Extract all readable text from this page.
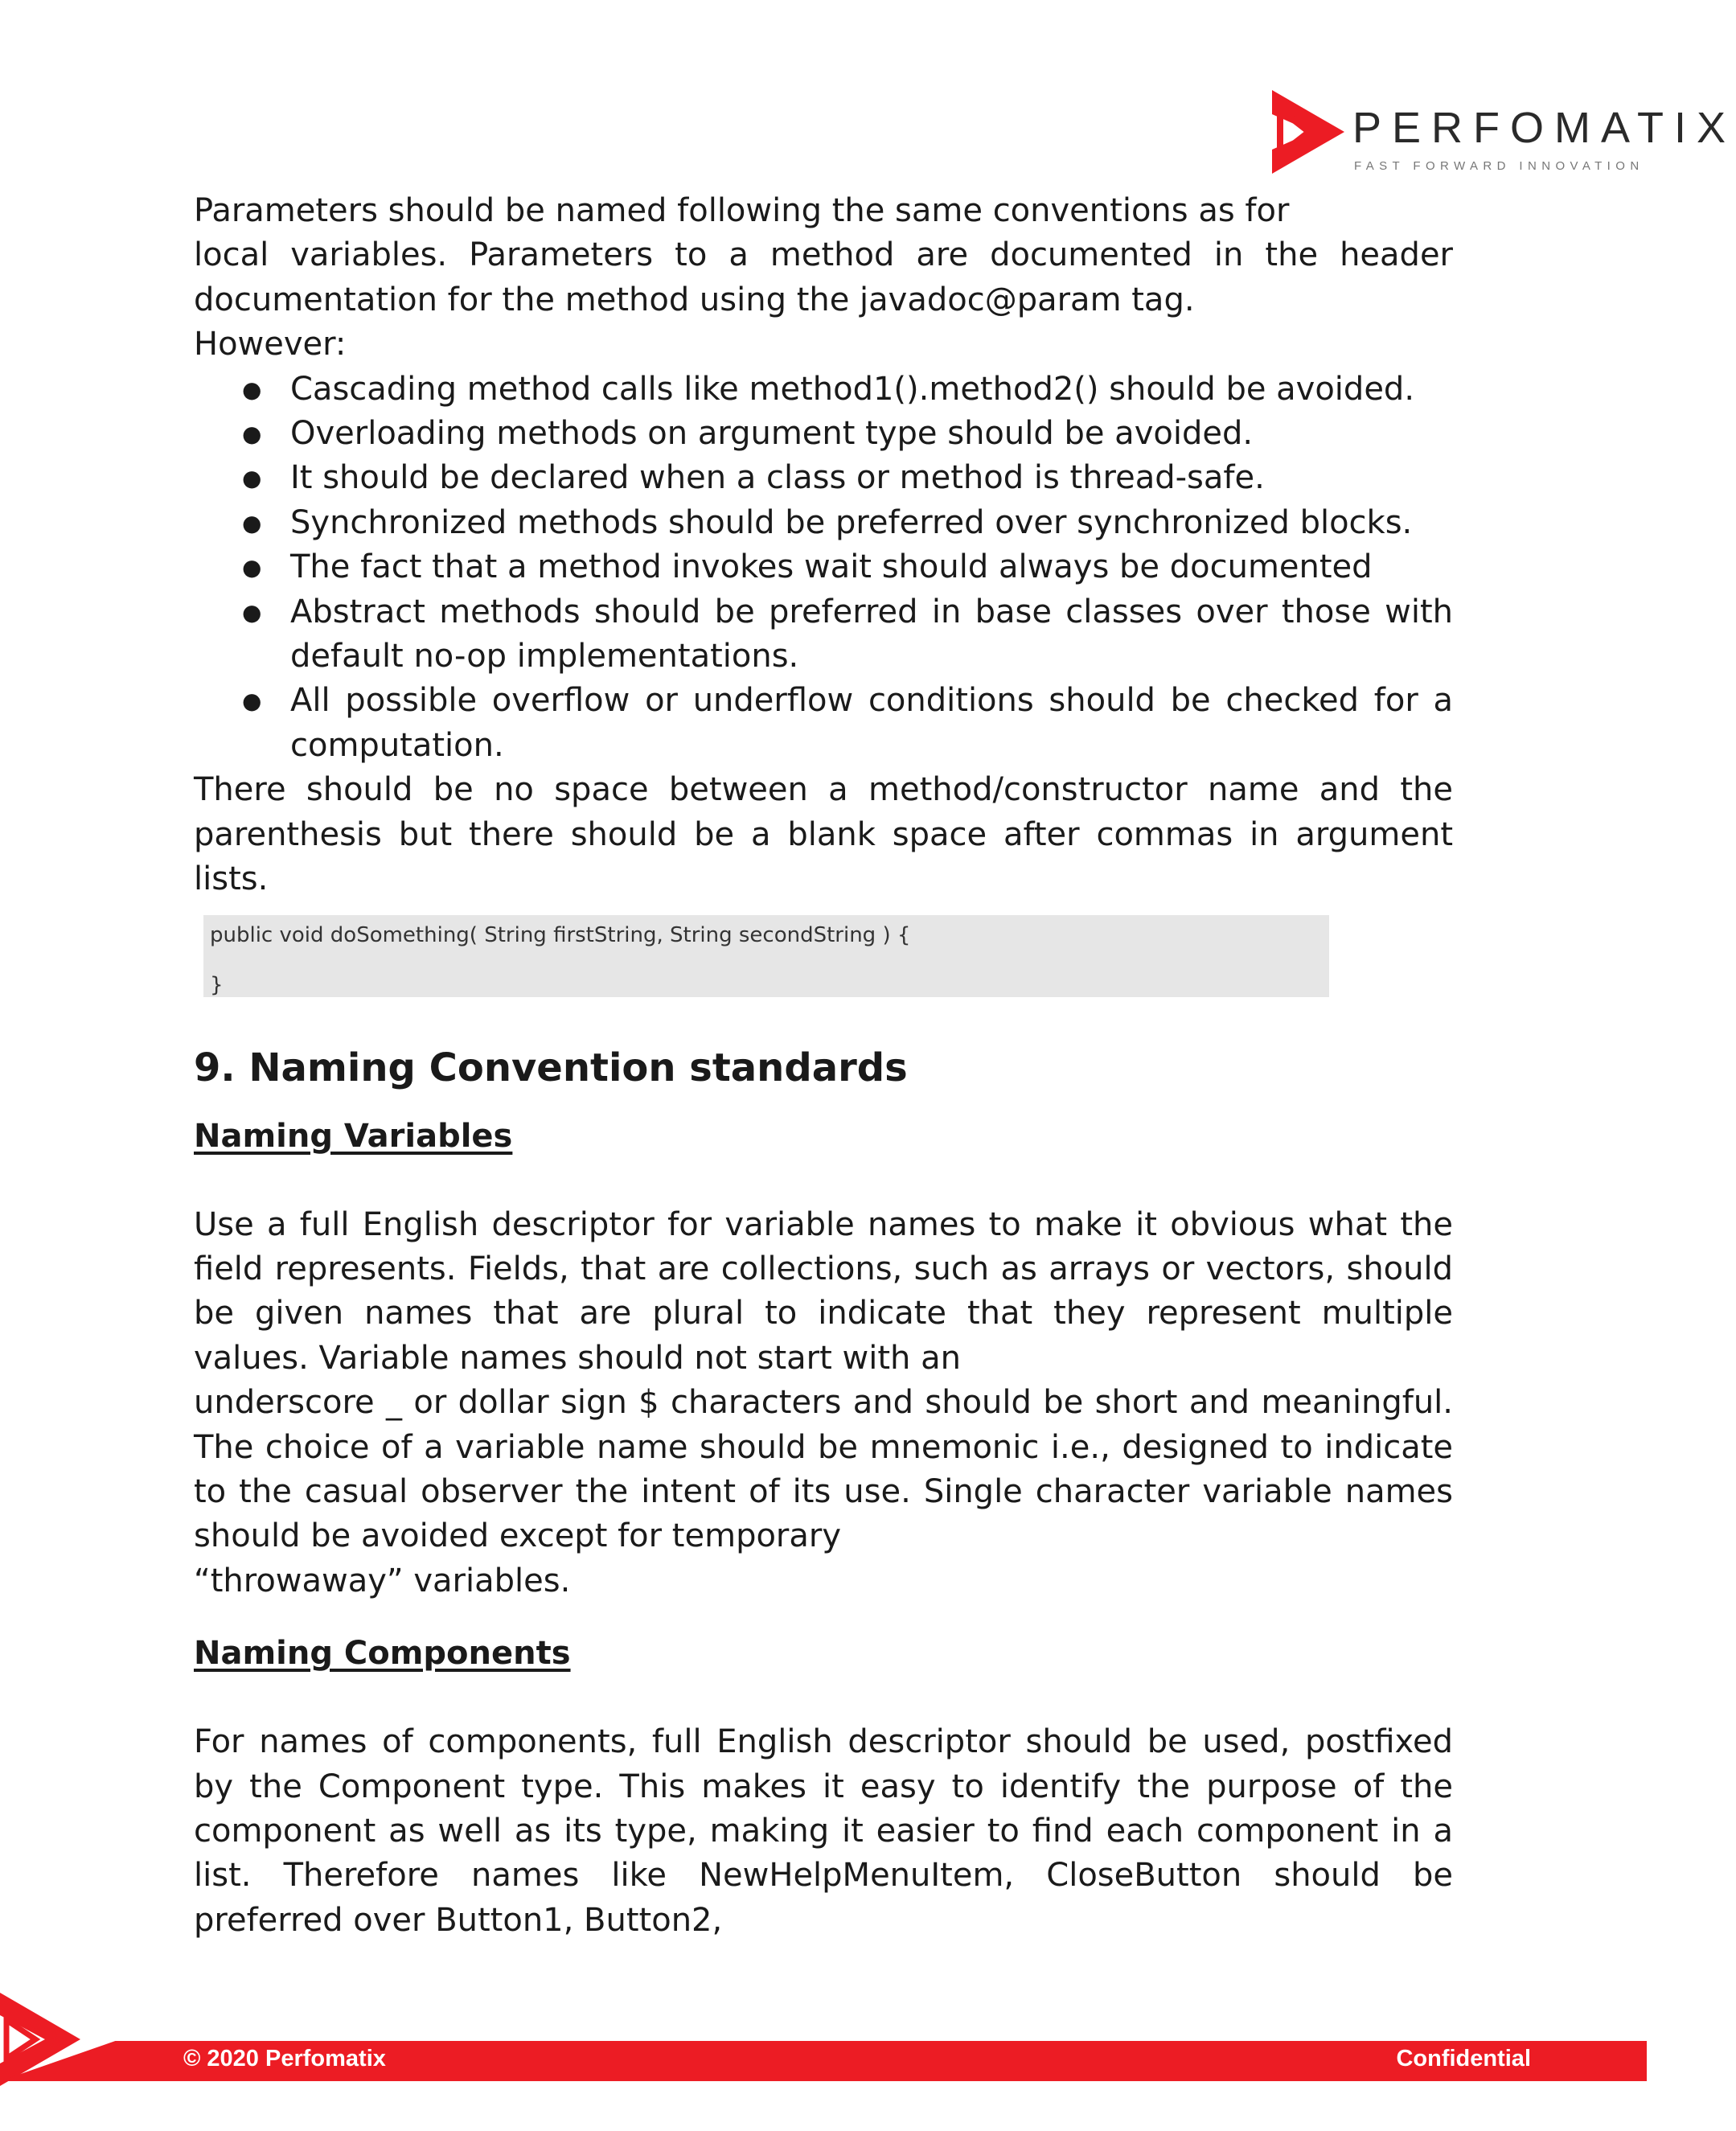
PERFOMATIX
FAST FORWARD INNOVATION

Parameters should be named following the same conventions as for

local variables. Parameters to a method are documented in the header documentation for the method using the javadoc@param tag.

However:

● Cascading method calls like method1().method2() should be avoided.
● Overloading methods on argument type should be avoided.
● It should be declared when a class or method is thread-safe.
● Synchronized methods should be preferred over synchronized blocks.
● The fact that a method invokes wait should always be documented
● Abstract methods should be preferred in base classes over those with default no-op implementations.
● All possible overflow or underflow conditions should be checked for a computation.

There should be no space between a method/constructor name and the parenthesis but there should be a blank space after commas in argument lists.

public void doSomething( String firstString, String secondString ) {
}
9. Naming Convention standards
Naming Variables

Use a full English descriptor for variable names to make it obvious what the field represents. Fields, that are collections, such as arrays or vectors, should be given names that are plural to indicate that they represent multiple values. Variable names should not start with an

underscore _ or dollar sign $ characters and should be short and meaningful. The choice of a variable name should be mnemonic i.e., designed to indicate to the casual observer the intent of its use. Single character variable names should be avoided except for temporary

“throwaway” variables.

Naming Components

For names of components, full English descriptor should be used, postfixed by the Component type. This makes it easy to identify the purpose of the component as well as its type, making it easier to find each component in a list. Therefore names like NewHelpMenuItem, CloseButton should be preferred over Button1, Button2,

© 2020 Perfomatix	Confidential
